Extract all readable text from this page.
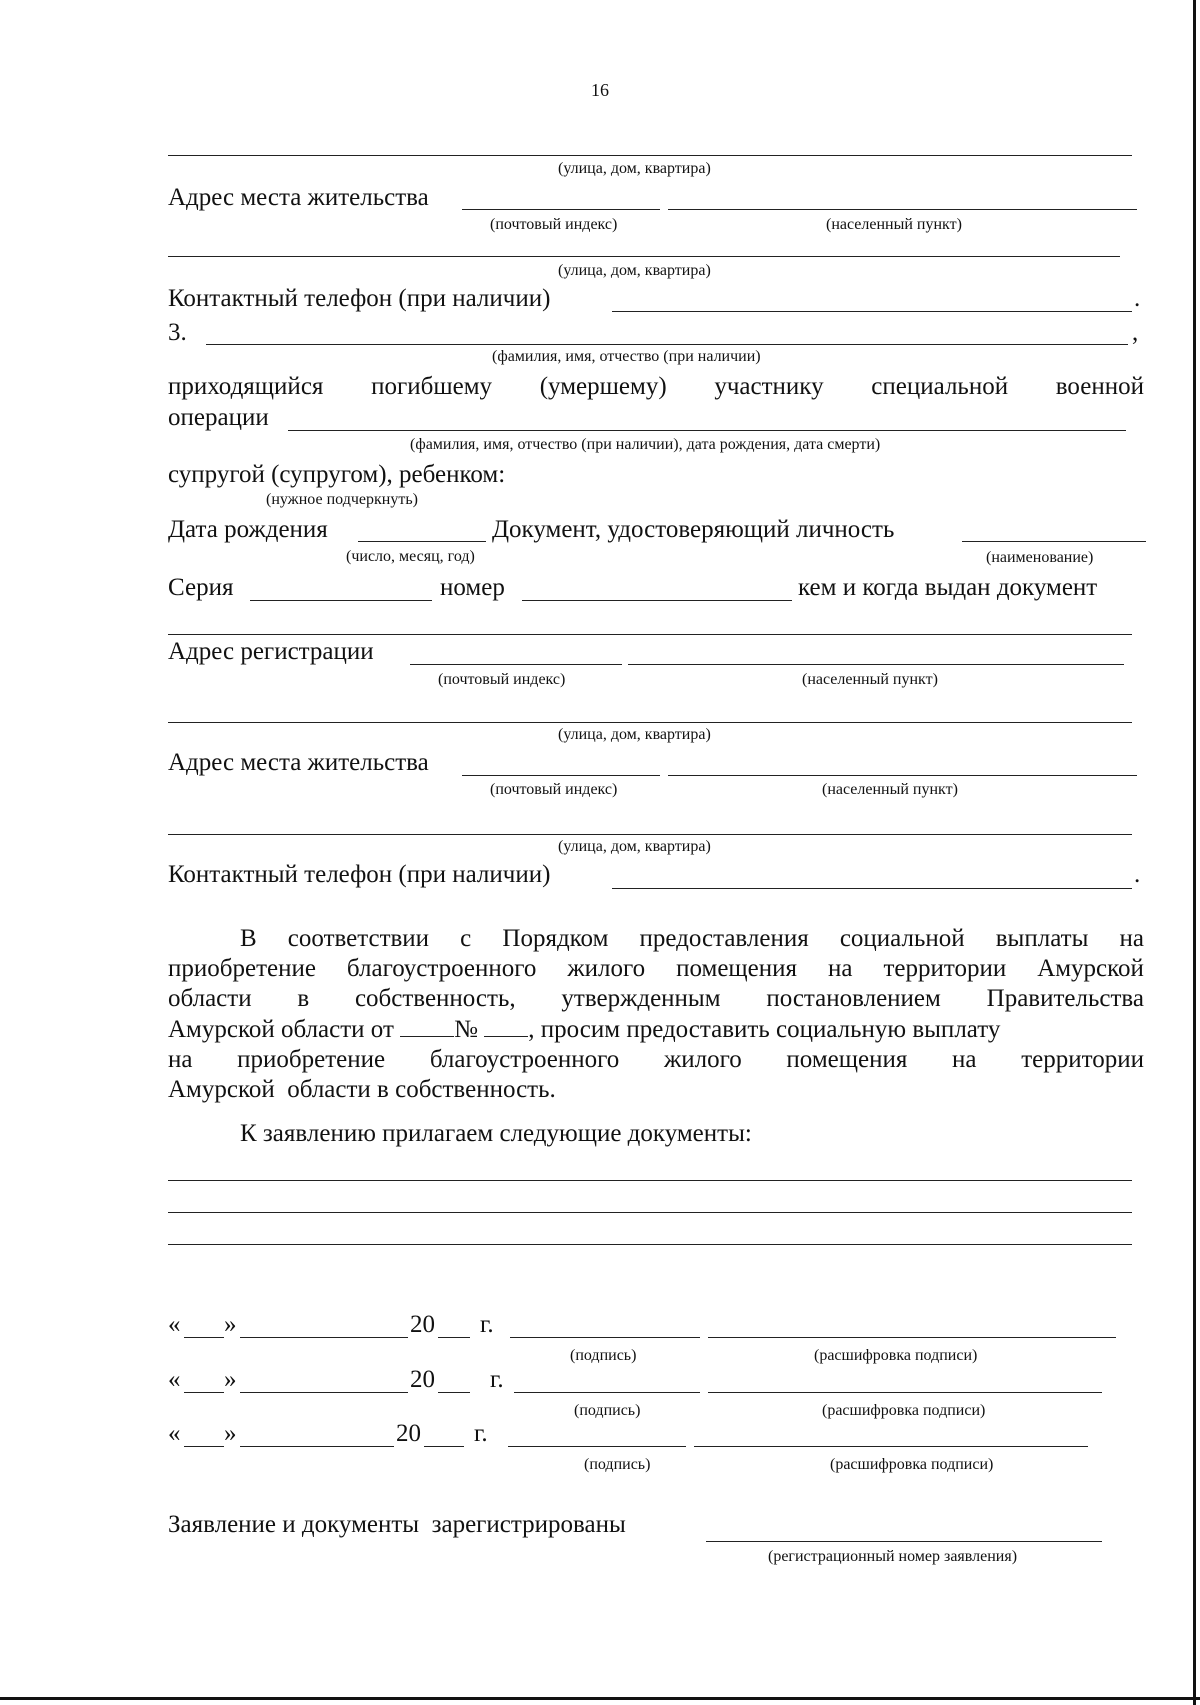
16
(улица, дом, квартира)
Адрес места жительства
(почтовый индекс)	(населенный пункт)
(улица, дом, квартира)
Контактный телефон (при наличии)	.
3.	,
(фамилия, имя, отчество (при наличии)
приходящийся погибшему (умершему) участнику специальной военной
операции
(фамилия, имя, отчество (при наличии), дата рождения, дата смерти)
супругой (супругом), ребенком:
(нужное подчеркнуть)
Дата рождения	Документ, удостоверяющий личность
(число, месяц, год)	(наименование)
Серия	номер	кем и когда выдан документ
Адрес регистрации
(почтовый индекс)	(населенный пункт)
(улица, дом, квартира)
Адрес места жительства
(почтовый индекс)	(населенный пункт)
(улица, дом, квартира)
Контактный телефон (при наличии)	.
В соответствии с Порядком предоставления социальной выплаты на
приобретение благоустроенного жилого помещения на территории Амурской
области в собственность, утвержденным постановлением Правительства
Амурской области от № , просим предоставить социальную выплату
на приобретение благоустроенного жилого помещения на территории
Амурской  области в собственность.
К заявлению прилагаем следующие документы:
« »	20 г.
(подпись)	(расшифровка подписи)
« »	20 г.
(подпись)	(расшифровка подписи)
« »	20 г.
(подпись)	(расшифровка подписи)
Заявление и документы  зарегистрированы
(регистрационный номер заявления)
